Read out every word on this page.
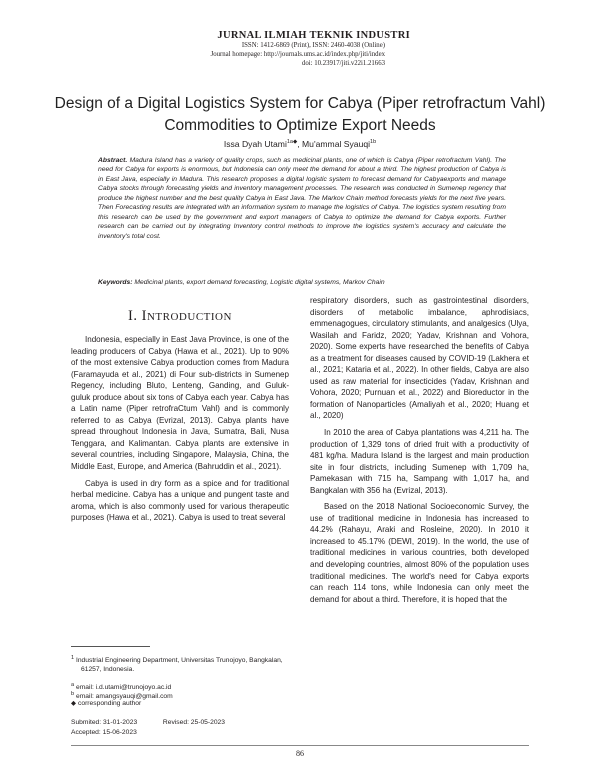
JURNAL ILMIAH TEKNIK INDUSTRI
ISSN: 1412-6869 (Print), ISSN: 2460-4038 (Online)
Journal homepage: http://journals.ums.ac.id/index.php/jiti/index
doi: 10.23917/jiti.v22i1.21663
Design of a Digital Logistics System for Cabya (Piper retrofractum Vahl) Commodities to Optimize Export Needs
Issa Dyah Utami$^{1a◆}$, Mu'ammal Syauqi$^{1b}$
Abstract. Madura Island has a variety of quality crops, such as medicinal plants, one of which is Cabya (Piper retrofractum Vahl). The need for Cabya for exports is enormous, but Indonesia can only meet the demand for about a third. The highest production of Cabya is in East Java, especially in Madura. This research proposes a digital logistic system to forecast demand for Cabyaexports and manage Cabya stocks through forecasting yields and inventory management processes. The research was conducted in Sumenep regency that produce the highest number and the best quality Cabya in East Java. The Markov Chain method forecasts yields for the next five years. Then Forecasting results are integrated with an information system to manage the logistics of Cabya. The logistics system resulting from this research can be used by the government and export managers of Cabya to optimize the demand for Cabya exports. Further research can be carried out by integrating Inventory control methods to improve the logistics system's accuracy and calculate the inventory's total cost.
Keywords: Medicinal plants, export demand forecasting, Logistic digital systems, Markov Chain
I. INTRODUCTION

Indonesia, especially in East Java Province, is one of the leading producers of Cabya (Hawa et al., 2021). Up to 90% of the most extensive Cabya production comes from Madura (Faramayuda et al., 2021) di Four sub-districts in Sumenep Regency, including Bluto, Lenteng, Ganding, and Guluk-guluk produce about six tons of Cabya each year. Cabya has a Latin name (Piper retrofraCtum Vahl) and is commonly referred to as Cabya (Evrizal, 2013). Cabya plants have spread throughout Indonesia in Java, Sumatra, Bali, Nusa Tenggara, and Kalimantan. Cabya plants are extensive in several countries, including Singapore, Malaysia, China, the Middle East, Europe, and America (Bahruddin et al., 2021).

Cabya is used in dry form as a spice and for traditional herbal medicine. Cabya has a unique and pungent taste and aroma, which is also commonly used for various therapeutic purposes (Hawa et al., 2021). Cabya is used to treat several

respiratory disorders, such as gastrointestinal disorders, disorders of metabolic imbalance, aphrodisiacs, emmenagogues, circulatory stimulants, and analgesics (Ulya, Wasilah and Faridz, 2020; Yadav, Krishnan and Vohora, 2020). Some experts have researched the benefits of Cabya as a treatment for diseases caused by COVID-19 (Lakhera et al., 2021; Kataria et al., 2022). In other fields, Cabya are also used as raw material for insecticides (Yadav, Krishnan and Vohora, 2020; Purnuan et al., 2022) and Bioreductor in the formation of Nanoparticles (Amaliyah et al., 2020; Huang et al., 2020)

In 2010 the area of Cabya plantations was 4,211 ha. The production of 1,329 tons of dried fruit with a productivity of 481 kg/ha. Madura Island is the largest and main production site in four districts, including Sumenep with 1,709 ha, Pamekasan with 715 ha, Sampang with 1,017 ha, and Bangkalan with 356 ha (Evrizal, 2013).

Based on the 2018 National Socioeconomic Survey, the use of traditional medicine in Indonesia has increased to 44.2% (Rahayu, Araki and Rosleine, 2020). In 2010 it increased to 45.17% (DEWI, 2019). In the world, the use of traditional medicines in various countries, both developed and developing countries, almost 80% of the population uses traditional medicines. The world's need for Cabya exports can reach 114 tons, while Indonesia can only meet the demand for about a third. Therefore, it is hoped that the

$^1$ Industrial Engineering Department, Universitas Trunojoyo, Bangkalan, 61257, Indonesia.
$^a$ email: i.d.utami@trunojoyo.ac.id
$^b$ email: amangsyauqi@gmail.com
◆ corresponding author
Submited: 31-01-2023	Revised: 25-05-2023
Accepted: 15-06-2023
86
